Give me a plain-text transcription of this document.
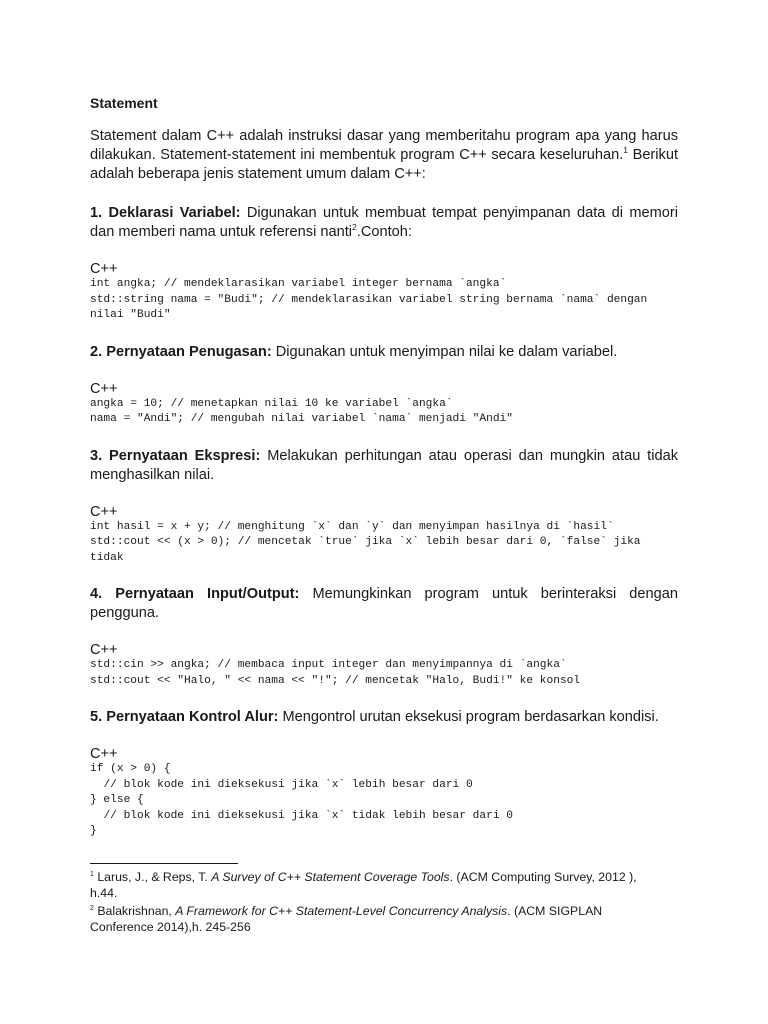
Statement

Statement dalam C++ adalah instruksi dasar yang memberitahu program apa yang harus dilakukan. Statement-statement ini membentuk program C++ secara keseluruhan.$^1$ Berikut adalah beberapa jenis statement umum dalam C++:

1. Deklarasi Variabel: Digunakan untuk membuat tempat penyimpanan data di memori dan memberi nama untuk referensi nanti$^2$.Contoh:

C++

int angka; // mendeklarasikan variabel integer bernama `angka`
std::string nama = "Budi"; // mendeklarasikan variabel string bernama `nama` dengan nilai "Budi"

2. Pernyataan Penugasan: Digunakan untuk menyimpan nilai ke dalam variabel.

C++

angka = 10; // menetapkan nilai 10 ke variabel `angka`
nama = "Andi"; // mengubah nilai variabel `nama` menjadi "Andi"

3. Pernyataan Ekspresi: Melakukan perhitungan atau operasi dan mungkin atau tidak menghasilkan nilai.

C++

int hasil = x + y; // menghitung `x` dan `y` dan menyimpan hasilnya di `hasil`
std::cout << (x > 0); // mencetak `true` jika `x` lebih besar dari 0, `false` jika tidak

4. Pernyataan Input/Output: Memungkinkan program untuk berinteraksi dengan pengguna.

C++

std::cin >> angka; // membaca input integer dan menyimpannya di `angka`
std::cout << "Halo, " << nama << "!"; // mencetak "Halo, Budi!" ke konsol

5. Pernyataan Kontrol Alur: Mengontrol urutan eksekusi program berdasarkan kondisi.

C++

if (x > 0) {
// blok kode ini dieksekusi jika `x` lebih besar dari 0
} else {
// blok kode ini dieksekusi jika `x` tidak lebih besar dari 0
}

$^1$ Larus, J., & Reps, T. A Survey of C++ Statement Coverage Tools. (ACM Computing Survey, 2012 ), h.44.

$^2$ Balakrishnan, A Framework for C++ Statement-Level Concurrency Analysis. (ACM SIGPLAN Conference 2014),h. 245-256
